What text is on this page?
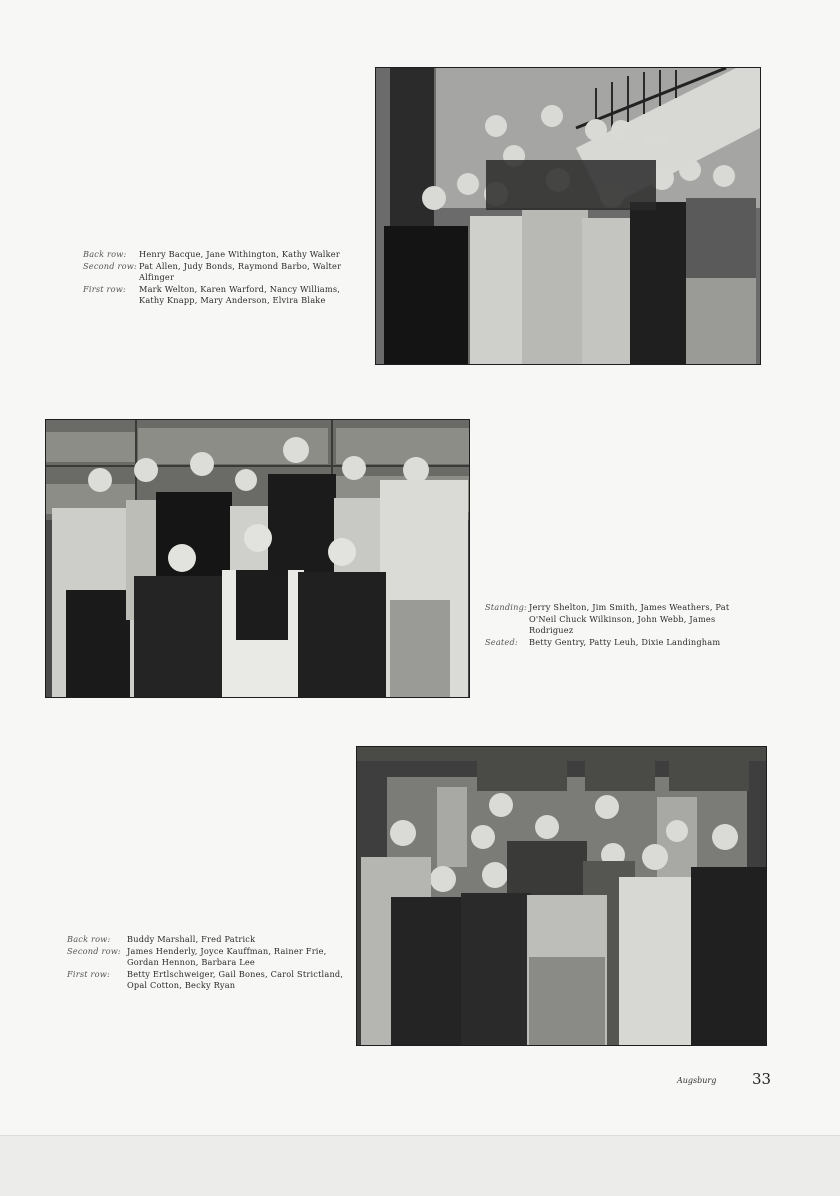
Back row:	Henry Bacque, Jane Withington, Kathy Walker
Second row: Pat Allen, Judy Bonds, Raymond Barbo, Walter Alfinger
First row:	Mark Welton, Karen Warford, Nancy Williams, Kathy Knapp, Mary Anderson, Elvira Blake
Standing: Jerry Shelton, Jim Smith, James Weathers, Pat O'Neil Chuck Wilkinson, John Webb, James Rodriguez
Seated:	Betty Gentry, Patty Leuh, Dixie Landingham
Back row:	Buddy Marshall, Fred Patrick
Second row: James Henderly, Joyce Kauffman, Rainer Frie, Gordan Hennon, Barbara Lee
First row:	Betty Ertlschweiger, Gail Bones, Carol Strictland, Opal Cotton, Becky Ryan
Augsburg 33
